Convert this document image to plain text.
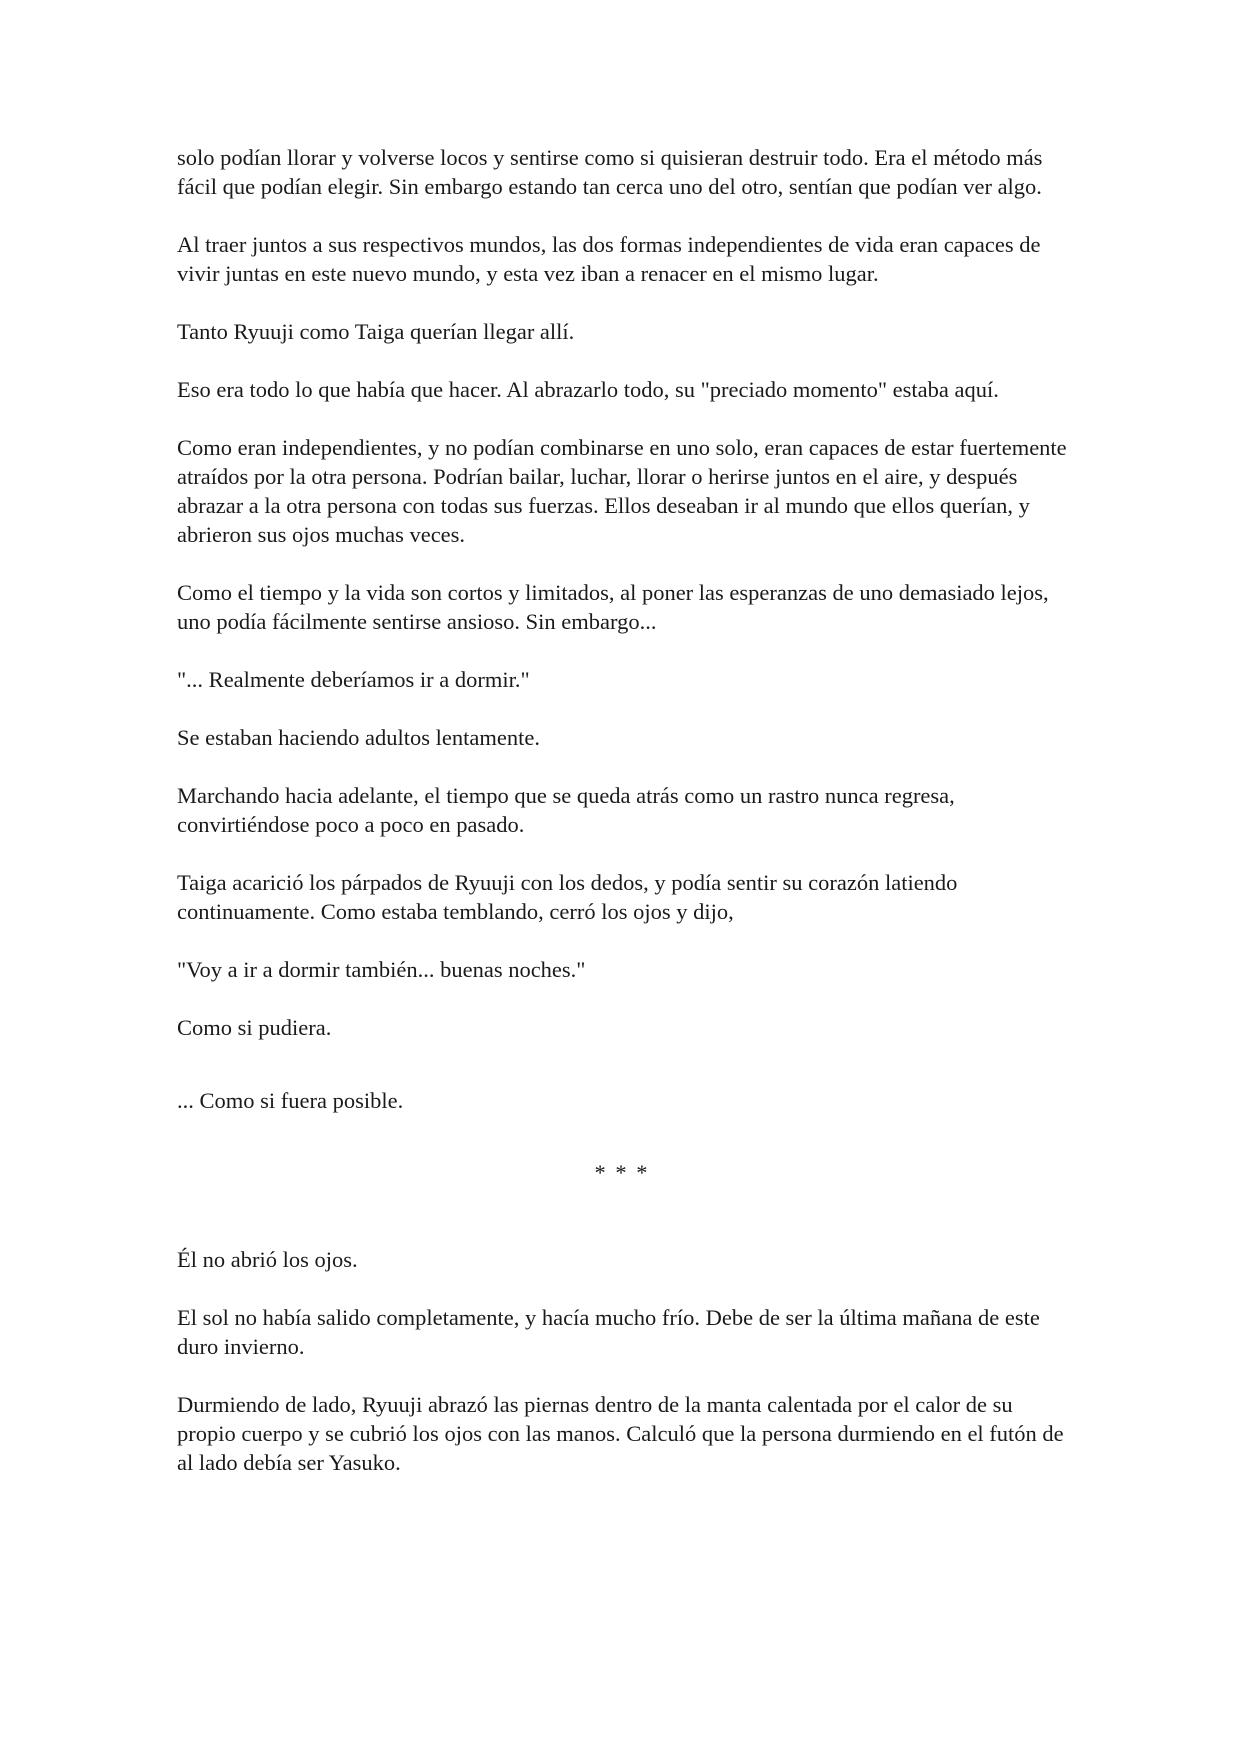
solo podían llorar y volverse locos y sentirse como si quisieran destruir todo. Era el método más fácil que podían elegir. Sin embargo estando tan cerca uno del otro, sentían que podían ver algo.

Al traer juntos a sus respectivos mundos, las dos formas independientes de vida eran capaces de vivir juntas en este nuevo mundo, y esta vez iban a renacer en el mismo lugar.

Tanto Ryuuji como Taiga querían llegar allí.

Eso era todo lo que había que hacer. Al abrazarlo todo, su "preciado momento" estaba aquí.

Como eran independientes, y no podían combinarse en uno solo, eran capaces de estar fuertemente atraídos por la otra persona. Podrían bailar, luchar, llorar o herirse juntos en el aire, y después abrazar a la otra persona con todas sus fuerzas. Ellos deseaban ir al mundo que ellos querían, y abrieron sus ojos muchas veces.

Como el tiempo y la vida son cortos y limitados, al poner las esperanzas de uno demasiado lejos, uno podía fácilmente sentirse ansioso. Sin embargo...

"... Realmente deberíamos ir a dormir."

Se estaban haciendo adultos lentamente.

Marchando hacia adelante, el tiempo que se queda atrás como un rastro nunca regresa, convirtiéndose poco a poco en pasado.

Taiga acarició los párpados de Ryuuji con los dedos, y podía sentir su corazón latiendo continuamente. Como estaba temblando, cerró los ojos y dijo,

"Voy a ir a dormir también... buenas noches."

Como si pudiera.

... Como si fuera posible.

* * *

Él no abrió los ojos.

El sol no había salido completamente, y hacía mucho frío. Debe de ser la última mañana de este duro invierno.

Durmiendo de lado, Ryuuji abrazó las piernas dentro de la manta calentada por el calor de su propio cuerpo y se cubrió los ojos con las manos. Calculó que la persona durmiendo en el futón de al lado debía ser Yasuko.
